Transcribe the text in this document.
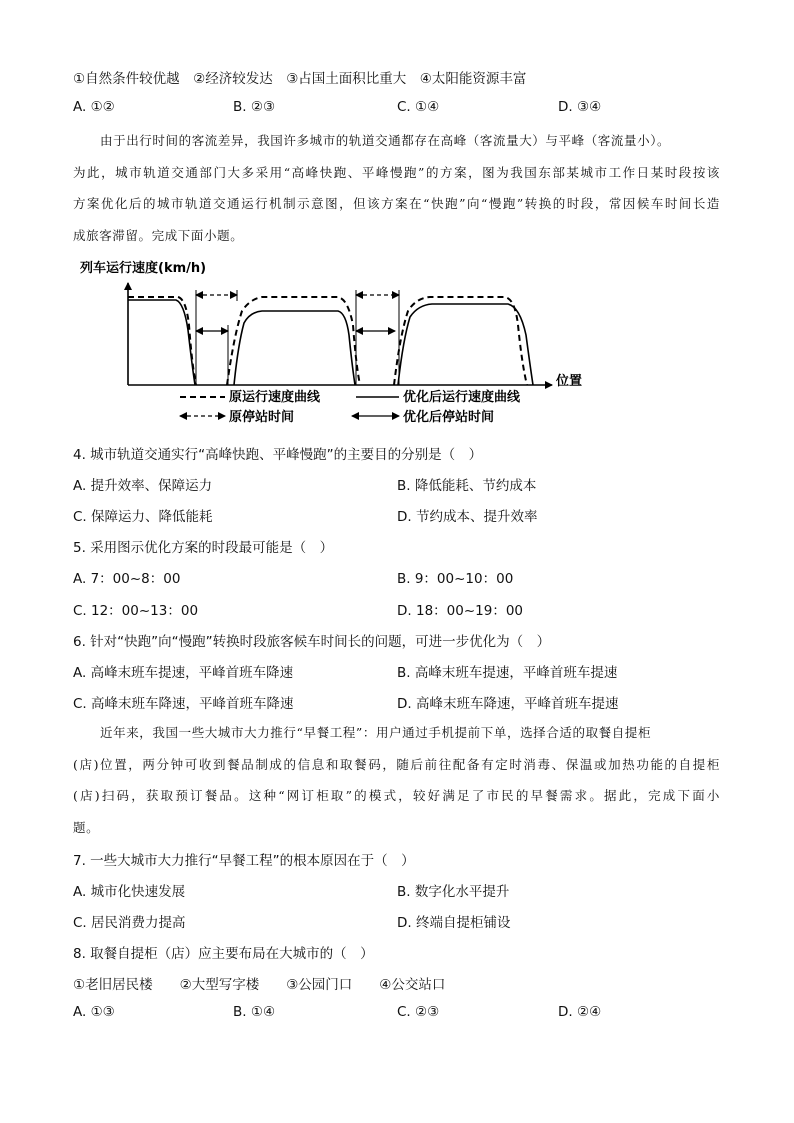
①自然条件较优越　②经济较发达　③占国土面积比重大　④太阳能资源丰富
A. ①②	B. ②③	C. ①④	D. ③④
由于出行时间的客流差异，我国许多城市的轨道交通都存在高峰（客流量大）与平峰（客流量小）。
为此，城市轨道交通部门大多采用“高峰快跑、平峰慢跑”的方案，图为我国东部某城市工作日某时段按该
方案优化后的城市轨道交通运行机制示意图，但该方案在“快跑”向“慢跑”转换的时段，常因候车时间长造
成旅客滞留。完成下面小题。
列车运行速度(km/h)
位置
原运行速度曲线	优化后运行速度曲线
原停站时间	优化后停站时间
4. 城市轨道交通实行“高峰快跑、平峰慢跑”的主要目的分别是（　）
A. 提升效率、保障运力	B. 降低能耗、节约成本
C. 保障运力、降低能耗	D. 节约成本、提升效率
5. 采用图示优化方案的时段最可能是（　）
A. 7：00~8：00	B. 9：00~10：00
C. 12：00~13：00	D. 18：00~19：00
6. 针对“快跑”向“慢跑”转换时段旅客候车时间长的问题，可进一步优化为（　）
A. 高峰末班车提速，平峰首班车降速	B. 高峰末班车提速，平峰首班车提速
C. 高峰末班车降速，平峰首班车降速	D. 高峰末班车降速，平峰首班车提速
近年来，我国一些大城市大力推行“早餐工程”：用户通过手机提前下单，选择合适的取餐自提柜
(店)位置，两分钟可收到餐品制成的信息和取餐码，随后前往配备有定时消毒、保温或加热功能的自提柜
(店)扫码，获取预订餐品。这种“网订柜取”的模式，较好满足了市民的早餐需求。据此，完成下面小
题。
7. 一些大城市大力推行“早餐工程”的根本原因在于（　）
A. 城市化快速发展	B. 数字化水平提升
C. 居民消费力提高	D. 终端自提柜铺设
8. 取餐自提柜（店）应主要布局在大城市的（　）
①老旧居民楼　　②大型写字楼　　③公园门口　　④公交站口
A. ①③	B. ①④	C. ②③	D. ②④
